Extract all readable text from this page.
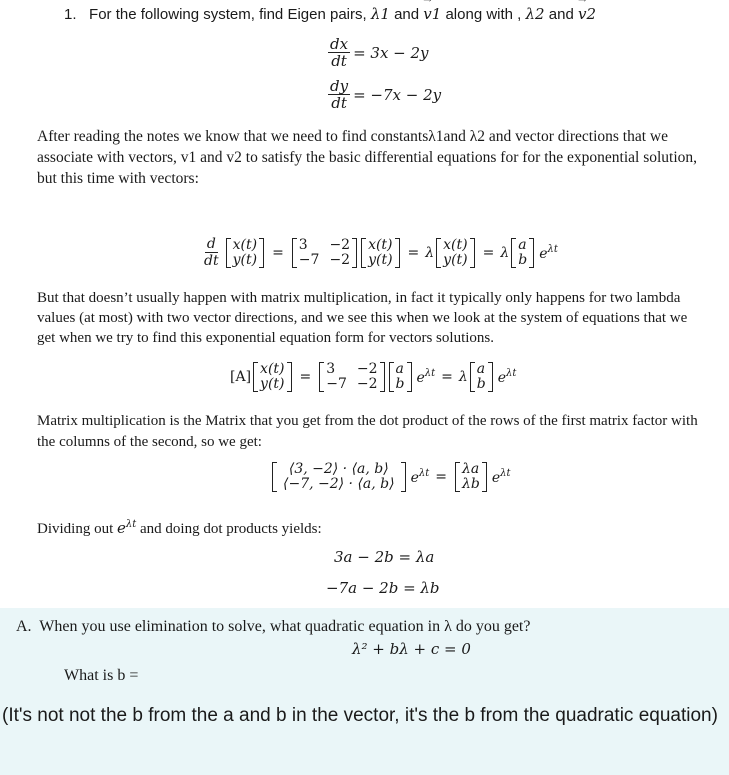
1. For the following system, find Eigen pairs, λ1 and → v1 along with , λ2 and → v2
$\frac{dx}{dt} = 3x - 2y$
$\frac{dy}{dt} = -7x - 2y$
After reading the notes we know that we need to find constantsλ1and λ2 and vector directions that we associate with vectors, v1 and v2 to satisfy the basic differential equations for for the exponential solution, but this time with vectors:
$\frac{d}{dt} x(t)$
y(t) = 3	−2
−7 −2
x(t)
y(t) = λ x(t)
y(t) = λ a
b $e^{\lambda t}$
But that doesn’t usually happen with matrix multiplication, in fact it typically only happens for two lambda values (at most) with two vector directions, and we see this when we look at the system of equations that we get when we try to find this exponential equation form for vectors solutions.
[A] x(t)
y(t) = 3	−2
−7 −2
a
b $e^{\lambda t} = \lambda$ a
b $e^{\lambda t}$
Matrix multiplication is the Matrix that you get from the dot product of the rows of the first matrix factor with the columns of the second, so we get:
⟨3, −2⟩ · ⟨a, b⟩
⟨−7, −2⟩ · ⟨a, b⟩ $e^{\lambda t} = \lambda a$
λb $e^{\lambda t}$
Dividing out $e^{\lambda t}$ and doing dot products yields:
3a − 2b = λa
−7a − 2b = λb
A. When you use elimination to solve, what quadratic equation in λ do you get?
λ² + bλ + c = 0
What is b =
(It's not not the b from the a and b in the vector, it's the b from the quadratic equation)
